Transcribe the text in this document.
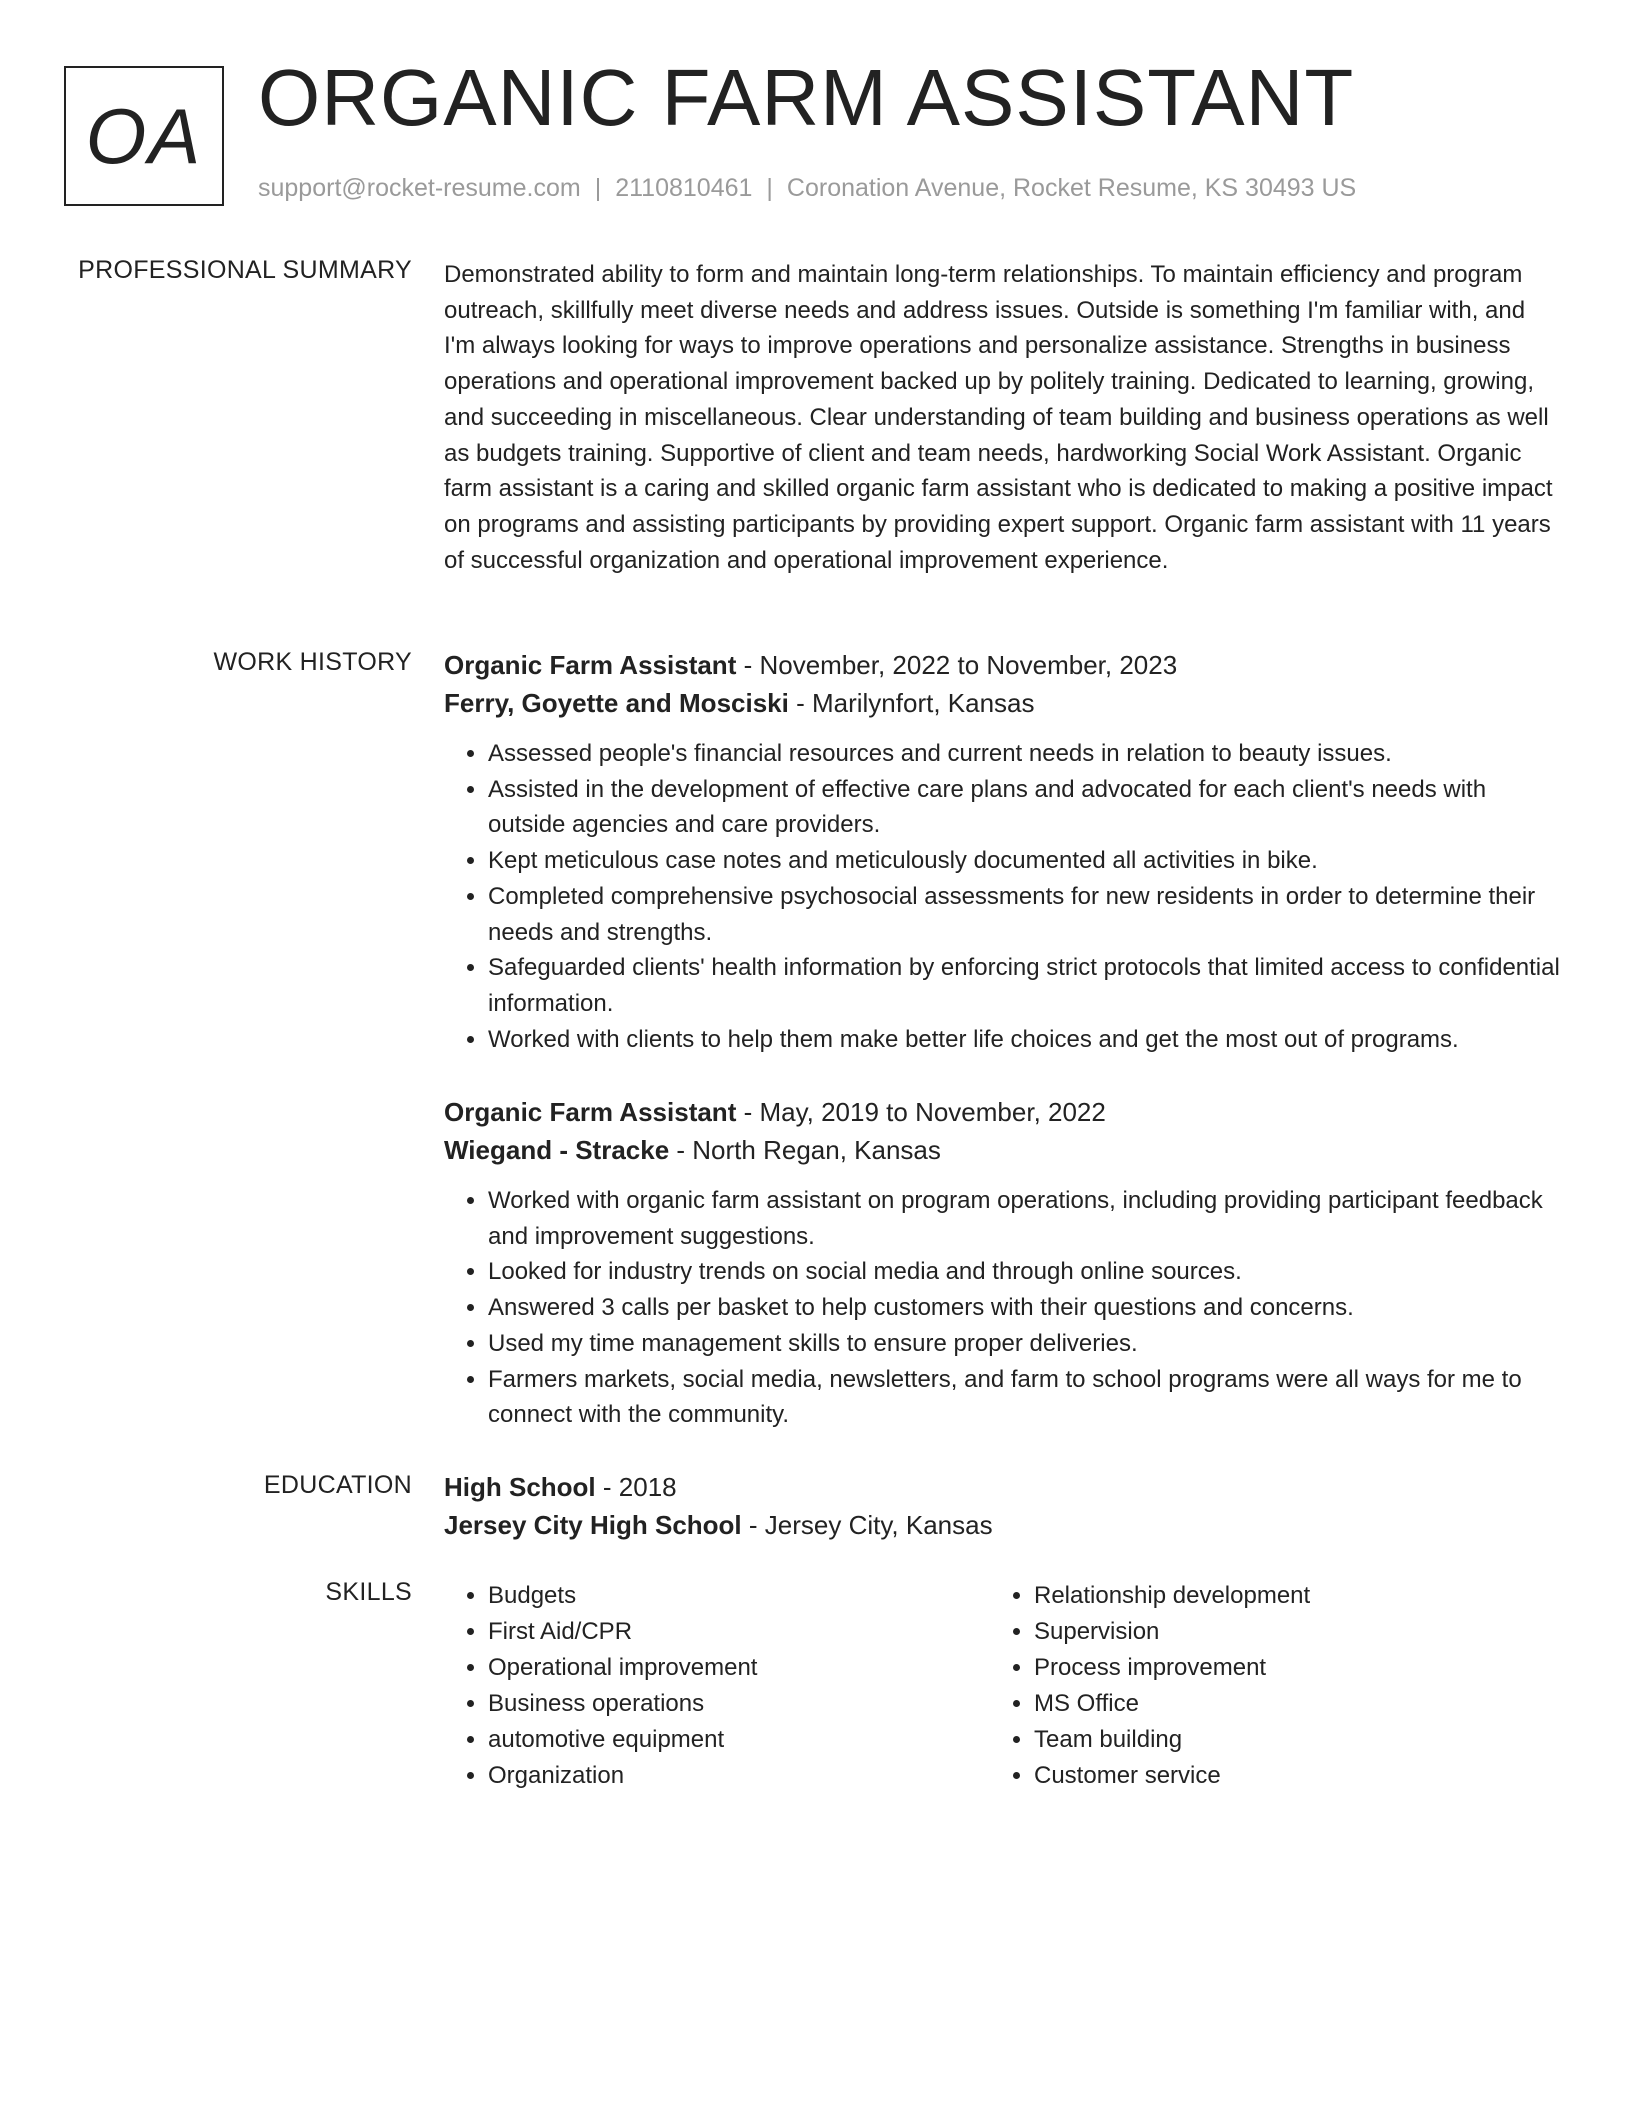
OA ORGANIC FARM ASSISTANT
support@rocket-resume.com | 2110810461 | Coronation Avenue, Rocket Resume, KS 30493 US
PROFESSIONAL SUMMARY Demonstrated ability to form and maintain long-term relationships. To maintain efficiency and program outreach, skillfully meet diverse needs and address issues. Outside is something I'm familiar with, and I'm always looking for ways to improve operations and personalize assistance. Strengths in business operations and operational improvement backed up by politely training. Dedicated to learning, growing, and succeeding in miscellaneous. Clear understanding of team building and business operations as well as budgets training. Supportive of client and team needs, hardworking Social Work Assistant. Organic farm assistant is a caring and skilled organic farm assistant who is dedicated to making a positive impact on programs and assisting participants by providing expert support. Organic farm assistant with 11 years of successful organization and operational improvement experience.

WORK HISTORY Organic Farm Assistant - November, 2022 to November, 2023

Ferry, Goyette and Mosciski - Marilynfort, Kansas

• Assessed people's financial resources and current needs in relation to beauty issues.
• Assisted in the development of effective care plans and advocated for each client's needs with outside agencies and care providers.
• Kept meticulous case notes and meticulously documented all activities in bike.
• Completed comprehensive psychosocial assessments for new residents in order to determine their needs and strengths.
• Safeguarded clients' health information by enforcing strict protocols that limited access to confidential information.
• Worked with clients to help them make better life choices and get the most out of programs.

Organic Farm Assistant - May, 2019 to November, 2022

Wiegand - Stracke - North Regan, Kansas

• Worked with organic farm assistant on program operations, including providing participant feedback and improvement suggestions.
• Looked for industry trends on social media and through online sources.
• Answered 3 calls per basket to help customers with their questions and concerns.
• Used my time management skills to ensure proper deliveries.
• Farmers markets, social media, newsletters, and farm to school programs were all ways for me to connect with the community.
EDUCATION High School - 2018

Jersey City High School - Jersey City, Kansas

SKILLS
•	Budgets
• First Aid/CPR
• Operational improvement
• Business operations
• automotive equipment
• Organization
• Relationship development
• Supervision
• Process improvement
• MS Office
• Team building
• Customer service
